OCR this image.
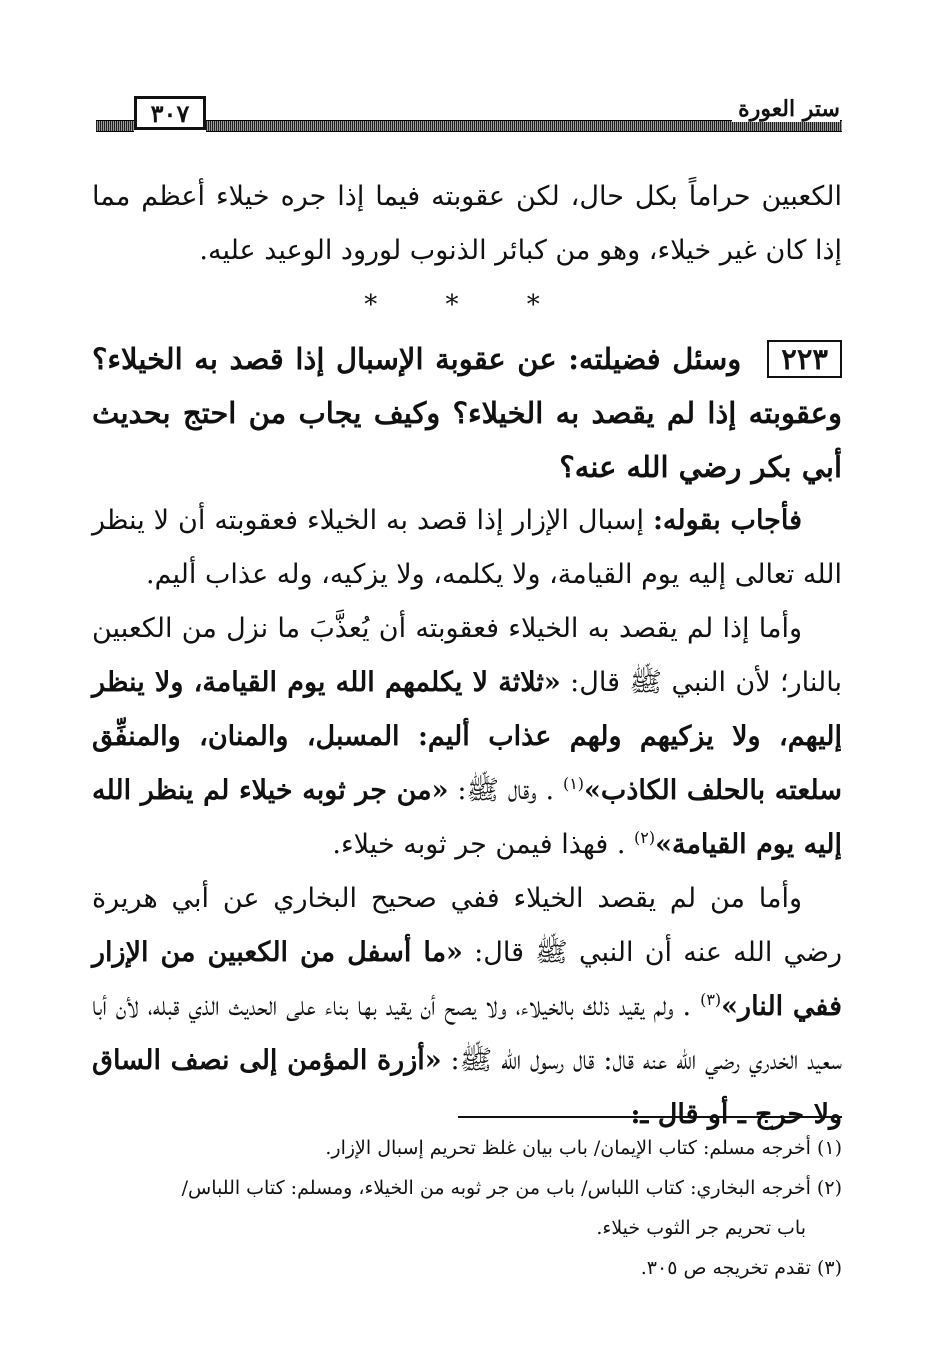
٣٠٧	ستر العورة

الكعبين حراماً بكل حال، لكن عقوبته فيما إذا جره خيلاء أعظم مما إذا كان غير خيلاء، وهو من كبائر الذنوب لورود الوعيد عليه.

* * *

٢٢٣وسئل فضيلته: عن عقوبة الإسبال إذا قصد به الخيلاء؟ وعقوبته إذا لم يقصد به الخيلاء؟ وكيف يجاب من احتج بحديث أبي بكر رضي الله عنه؟

فأجاب بقوله: إسبال الإزار إذا قصد به الخيلاء فعقوبته أن لا ينظر الله تعالى إليه يوم القيامة، ولا يكلمه، ولا يزكيه، وله عذاب أليم.

وأما إذا لم يقصد به الخيلاء فعقوبته أن يُعذَّبَ ما نزل من الكعبين بالنار؛ لأن النبي ﷺ قال: «ثلاثة لا يكلمهم الله يوم القيامة، ولا ينظر إليهم، ولا يزكيهم ولهم عذاب أليم: المسبل، والمنان، والمنفِّق سلعته بالحلف الكاذب»$^{(١)}$ . وقال ﷺ: «من جر ثوبه خيلاء لم ينظر الله إليه يوم القيامة»$^{(٢)}$ . فهذا فيمن جر ثوبه خيلاء.

وأما من لم يقصد الخيلاء ففي صحيح البخاري عن أبي هريرة رضي الله عنه أن النبي ﷺ قال: «ما أسفل من الكعبين من الإزار ففي النار»$^{(٣)}$ . ولم يقيد ذلك بالخيلاء، ولا يصح أن يقيد بها بناء على الحديث الذي قبله، لأن أبا سعيد الخدري رضي الله عنه قال: قال رسول الله ﷺ: «أزرة المؤمن إلى نصف الساق ولا حرج ـ أو قال ـ:

(١) أخرجه مسلم: كتاب الإيمان/ باب بيان غلظ تحريم إسبال الإزار.

(٢) أخرجه البخاري: كتاب اللباس/ باب من جر ثوبه من الخيلاء، ومسلم: كتاب اللباس/

باب تحريم جر الثوب خيلاء.

(٣) تقدم تخريجه ص ٣٠٥.
